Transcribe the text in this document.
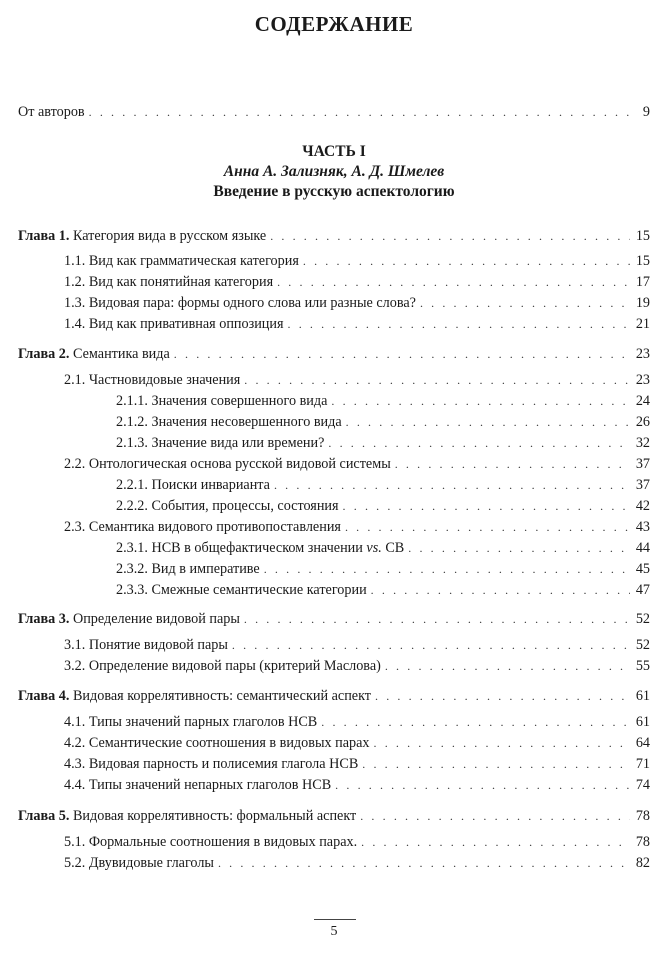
СОДЕРЖАНИЕ
От авторов . . .	9
ЧАСТЬ I
Анна А. Зализняк, А. Д. Шмелев
Введение в русскую аспектологию
Глава 1. Категория вида в русском языке . . .	15
1.1. Вид как грамматическая категория . . .	15
1.2. Вид как понятийная категория . . .	17
1.3. Видовая пара: формы одного слова или разные слова? . . .	19
1.4. Вид как привативная оппозиция . . .	21
Глава 2. Семантика вида . . .	23
2.1. Частновидовые значения . . .	23
2.1.1. Значения совершенного вида . . .	24
2.1.2. Значения несовершенного вида . . .	26
2.1.3. Значение вида или времени? . . .	32
2.2. Онтологическая основа русской видовой системы . . .	37
2.2.1. Поиски инварианта . . .	37
2.2.2. События, процессы, состояния . . .	42
2.3. Семантика видового противопоставления . . .	43
2.3.1. НСВ в общефактическом значении vs. СВ . . .	44
2.3.2. Вид в императиве . . .	45
2.3.3. Смежные семантические категории . . .	47
Глава 3. Определение видовой пары . . .	52
3.1. Понятие видовой пары . . .	52
3.2. Определение видовой пары (критерий Маслова) . . .	55
Глава 4. Видовая коррелятивность: семантический аспект . . .	61
4.1. Типы значений парных глаголов НСВ . . .	61
4.2. Семантические соотношения в видовых парах . . .	64
4.3. Видовая парность и полисемия глагола НСВ . . .	71
4.4. Типы значений непарных глаголов НСВ . . .	74
Глава 5. Видовая коррелятивность: формальный аспект . . .	78
5.1. Формальные соотношения в видовых парах. . . .	78
5.2. Двувидовые глаголы . . .	82
5
